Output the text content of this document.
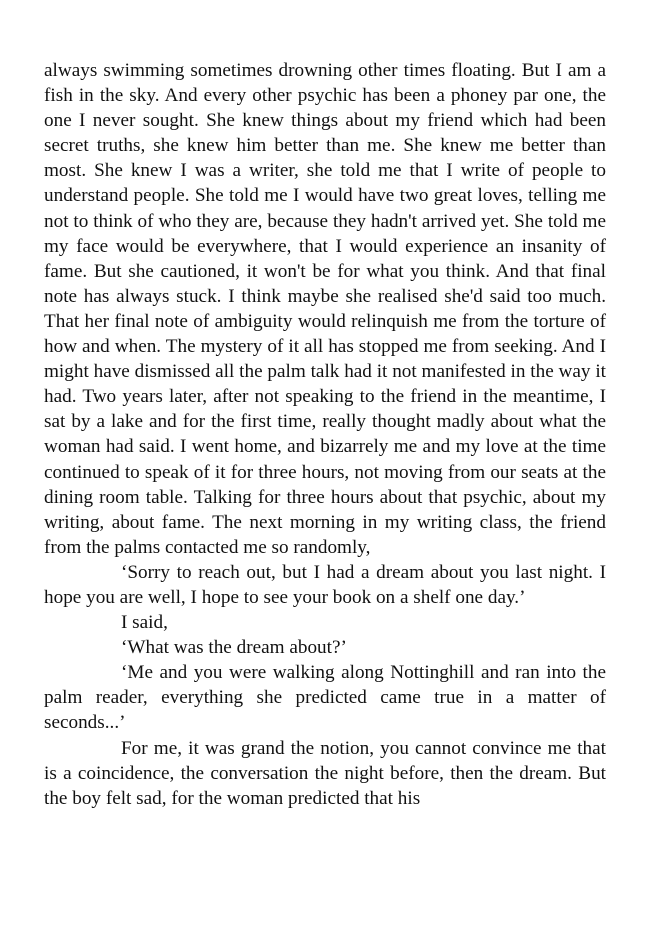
always swimming sometimes drowning other times floating. But I am a fish in the sky. And every other psychic has been a phoney par one, the one I never sought. She knew things about my friend which had been secret truths, she knew him better than me. She knew me better than most. She knew I was a writer, she told me that I write of people to understand people. She told me I would have two great loves, telling me not to think of who they are, because they hadn't arrived yet. She told me my face would be everywhere, that I would experience an insanity of fame. But she cautioned, it won't be for what you think. And that final note has always stuck. I think maybe she realised she'd said too much. That her final note of ambiguity would relinquish me from the torture of how and when. The mystery of it all has stopped me from seeking. And I might have dismissed all the palm talk had it not manifested in the way it had. Two years later, after not speaking to the friend in the meantime, I sat by a lake and for the first time, really thought madly about what the woman had said. I went home, and bizarrely me and my love at the time continued to speak of it for three hours, not moving from our seats at the dining room table. Talking for three hours about that psychic, about my writing, about fame. The next morning in my writing class, the friend from the palms contacted me so randomly,

‘Sorry to reach out, but I had a dream about you last night. I hope you are well, I hope to see your book on a shelf one day.’

I said,

‘What was the dream about?’

‘Me and you were walking along Nottinghill and ran into the palm reader, everything she predicted came true in a matter of seconds...’

For me, it was grand the notion, you cannot convince me that is a coincidence, the conversation the night before, then the dream. But the boy felt sad, for the woman predicted that his
